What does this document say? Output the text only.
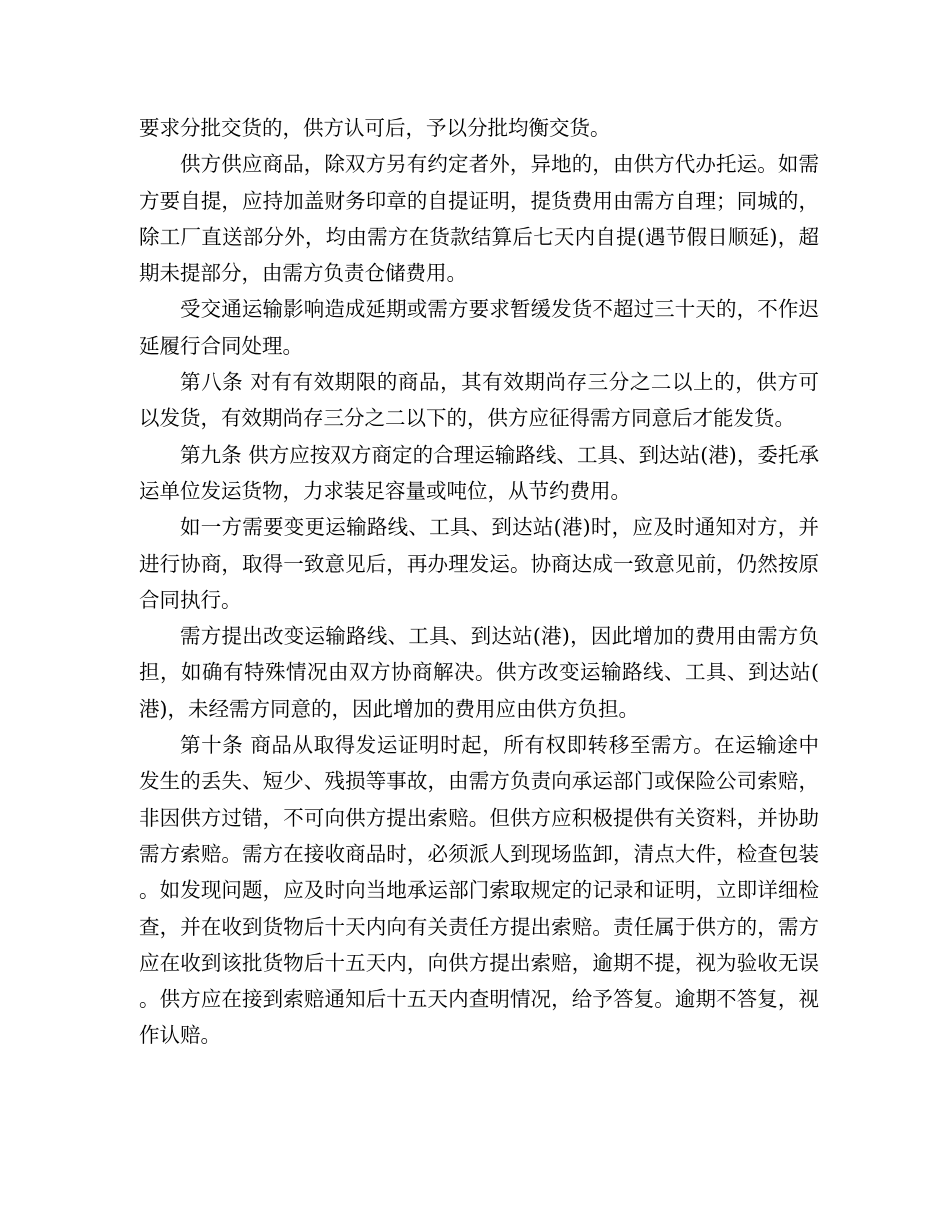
要求分批交货的，供方认可后，予以分批均衡交货。

供方供应商品，除双方另有约定者外，异地的，由供方代办托运。如需方要自提，应持加盖财务印章的自提证明，提货费用由需方自理；同城的，除工厂直送部分外，均由需方在货款结算后七天内自提(遇节假日顺延)，超期未提部分，由需方负责仓储费用。

受交通运输影响造成延期或需方要求暂缓发货不超过三十天的，不作迟延履行合同处理。

第八条 对有有效期限的商品，其有效期尚存三分之二以上的，供方可以发货，有效期尚存三分之二以下的，供方应征得需方同意后才能发货。

第九条 供方应按双方商定的合理运输路线、工具、到达站(港)，委托承运单位发运货物，力求装足容量或吨位，从节约费用。

如一方需要变更运输路线、工具、到达站(港)时，应及时通知对方，并进行协商，取得一致意见后，再办理发运。协商达成一致意见前，仍然按原合同执行。

需方提出改变运输路线、工具、到达站(港)，因此增加的费用由需方负担，如确有特殊情况由双方协商解决。供方改变运输路线、工具、到达站(港)，未经需方同意的，因此增加的费用应由供方负担。

第十条 商品从取得发运证明时起，所有权即转移至需方。在运输途中发生的丢失、短少、残损等事故，由需方负责向承运部门或保险公司索赔，非因供方过错，不可向供方提出索赔。但供方应积极提供有关资料，并协助需方索赔。需方在接收商品时，必须派人到现场监卸，清点大件，检查包装。如发现问题，应及时向当地承运部门索取规定的记录和证明，立即详细检查，并在收到货物后十天内向有关责任方提出索赔。责任属于供方的，需方应在收到该批货物后十五天内，向供方提出索赔，逾期不提，视为验收无误。供方应在接到索赔通知后十五天内查明情况，给予答复。逾期不答复，视作认赔。
